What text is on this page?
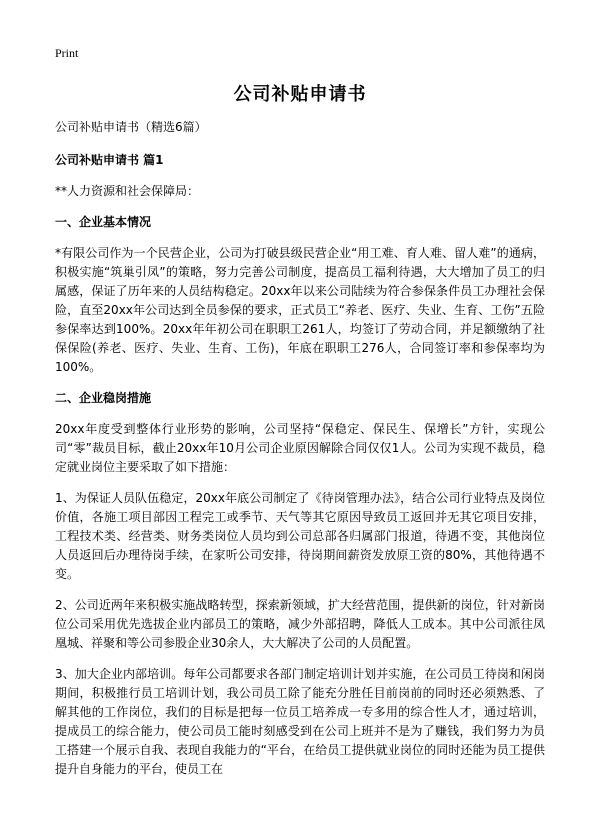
Print
公司补贴申请书

公司补贴申请书（精选6篇）

公司补贴申请书 篇1

**人力资源和社会保障局：

一、企业基本情况

*有限公司作为一个民营企业，公司为打破县级民营企业“用工难、育人难、留人难”的通病，积极实施“筑巢引凤”的策略，努力完善公司制度，提高员工福利待遇，大大增加了员工的归属感，保证了历年来的人员结构稳定。20xx年以来公司陆续为符合参保条件员工办理社会保险，直至20xx年公司达到全员参保的要求，正式员工“养老、医疗、失业、生育、工伤”五险参保率达到100%。20xx年年初公司在职职工261人，均签订了劳动合同，并足额缴纳了社保保险(养老、医疗、失业、生育、工伤)，年底在职职工276人，合同签订率和参保率均为100%。

二、企业稳岗措施

20xx年度受到整体行业形势的影响，公司坚持“保稳定、保民生、保增长”方针，实现公司“零”裁员目标，截止20xx年10月公司企业原因解除合同仅仅1人。公司为实现不裁员，稳定就业岗位主要采取了如下措施：

1、为保证人员队伍稳定，20xx年底公司制定了《待岗管理办法》，结合公司行业特点及岗位价值，各施工项目部因工程完工或季节、天气等其它原因导致员工返回并无其它项目安排，工程技术类、经营类、财务类岗位人员均到公司总部各归属部门报道，待遇不变，其他岗位人员返回后办理待岗手续，在家听公司安排，待岗期间薪资发放原工资的80%，其他待遇不变。

2、公司近两年来积极实施战略转型，探索新领域，扩大经营范围，提供新的岗位，针对新岗位公司采用优先选拔企业内部员工的策略，减少外部招聘，降低人工成本。其中公司派往凤凰城、祥聚和等公司参股企业30余人，大大解决了公司的人员配置。

3、加大企业内部培训。每年公司都要求各部门制定培训计划并实施，在公司员工待岗和闲岗期间，积极推行员工培训计划，我公司员工除了能充分胜任目前岗前的同时还必须熟悉、了解其他的工作岗位，我们的目标是把每一位员工培养成一专多用的综合性人才，通过培训，提成员工的综合能力，使公司员工能时刻感受到在公司上班并不是为了赚钱，我们努力为员工搭建一个展示自我、表现自我能力的“平台，在给员工提供就业岗位的同时还能为员工提供提升自身能力的平台，使员工在
